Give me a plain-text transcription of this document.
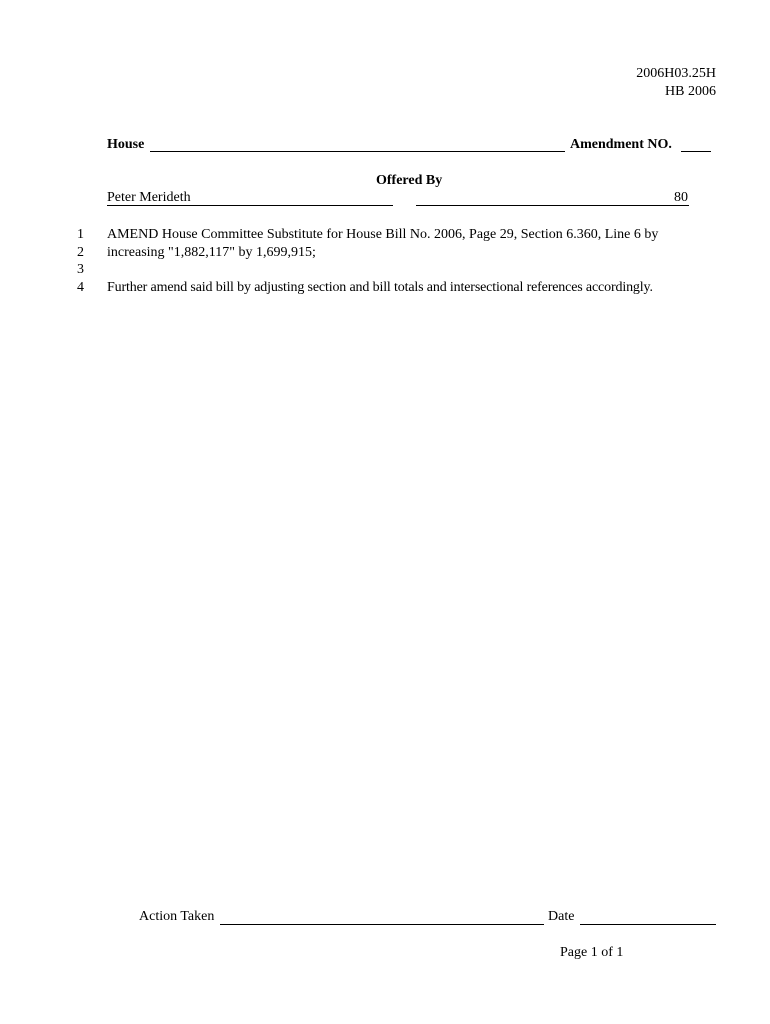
2006H03.25H
HB 2006
House	Amendment NO.
Offered By
Peter Merideth	80
1 AMEND House Committee Substitute for House Bill No. 2006, Page 29, Section 6.360, Line 6 by
2 increasing "1,882,117" by 1,699,915;
3
4 Further amend said bill by adjusting section and bill totals and intersectional references accordingly.
Action Taken	Date
Page 1 of 1
